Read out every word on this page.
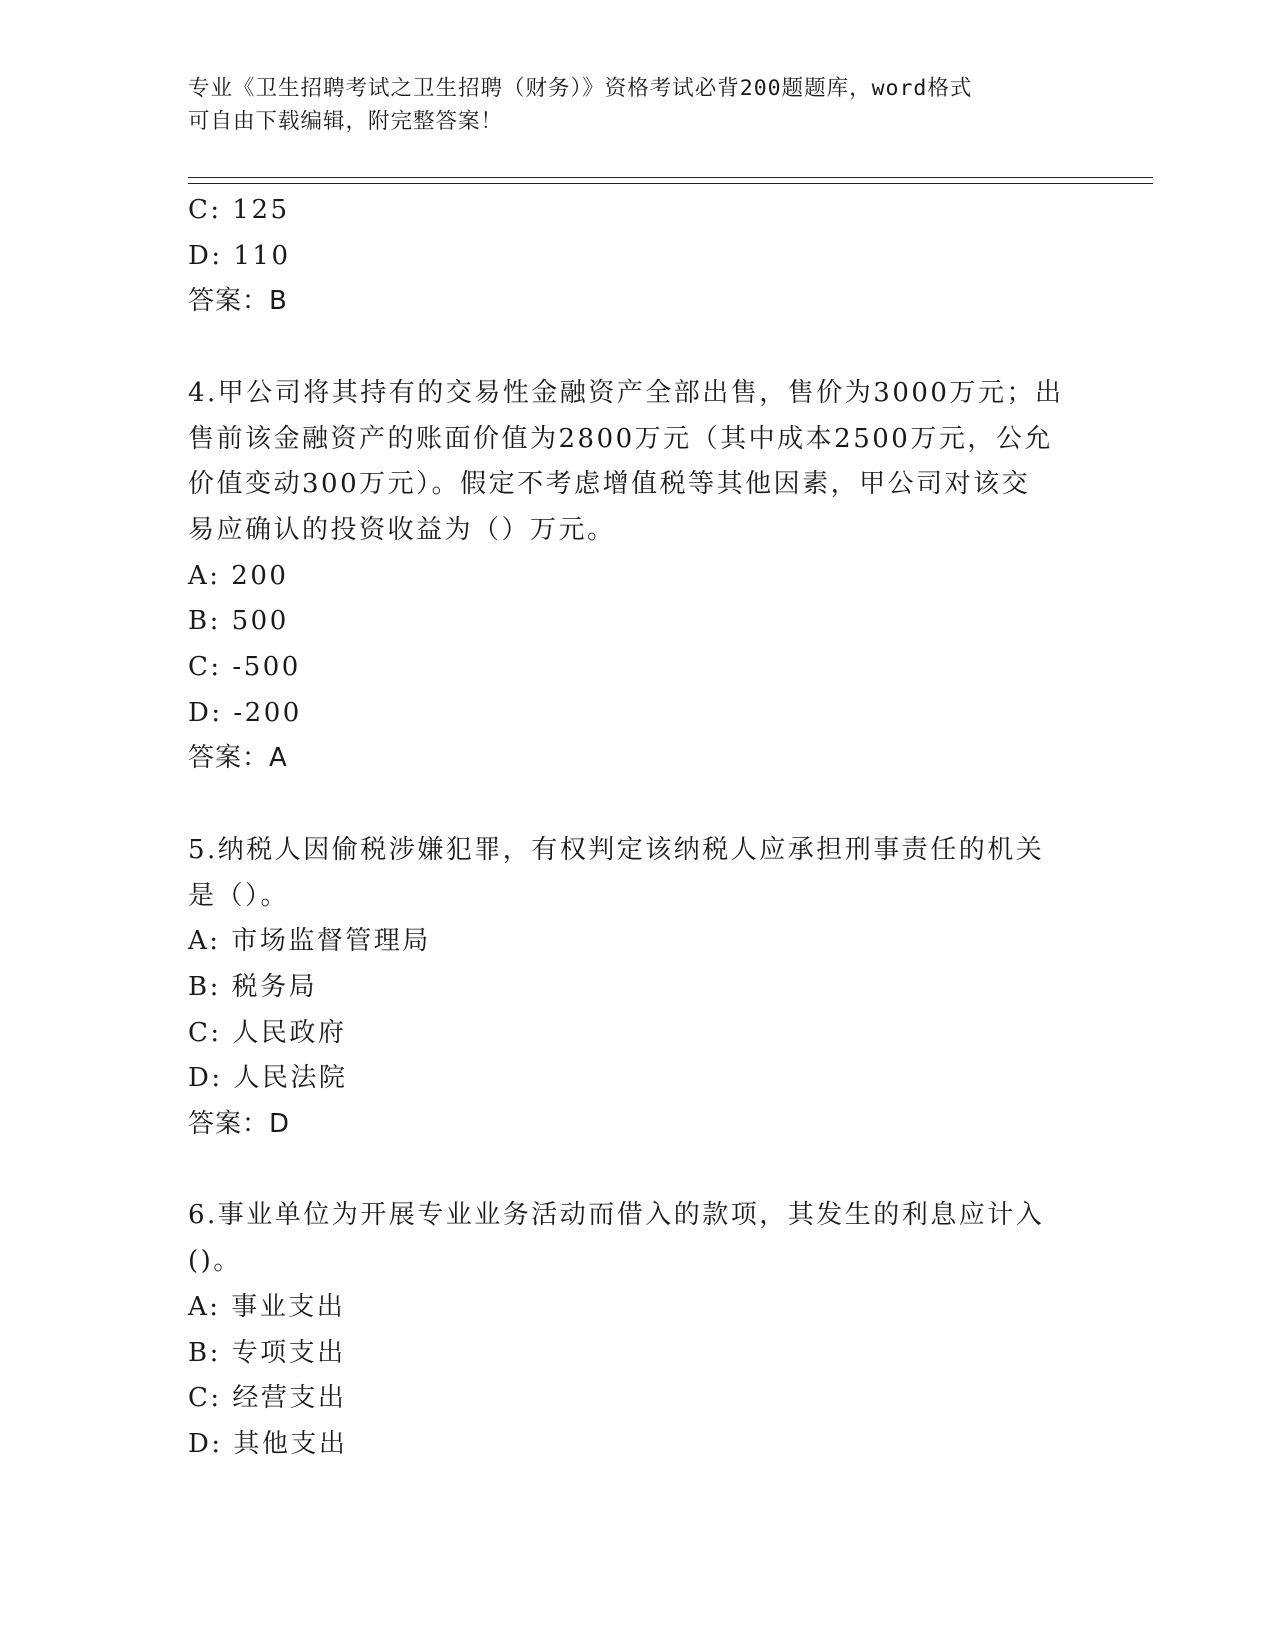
专业《卫生招聘考试之卫生招聘（财务）》资格考试必背200题题库，word格式
可自由下载编辑，附完整答案！
C: 125
D: 110
答案：B
4.甲公司将其持有的交易性金融资产全部出售，售价为3000万元；出
售前该金融资产的账面价值为2800万元（其中成本2500万元，公允
价值变动300万元）。假定不考虑增值税等其他因素，甲公司对该交
易应确认的投资收益为（）万元。
A: 200
B: 500
C: -500
D: -200
答案：A
5.纳税人因偷税涉嫌犯罪，有权判定该纳税人应承担刑事责任的机关
是（）。
A: 市场监督管理局
B: 税务局
C: 人民政府
D: 人民法院
答案：D
6.事业单位为开展专业业务活动而借入的款项，其发生的利息应计入
()。
A: 事业支出
B: 专项支出
C: 经营支出
D: 其他支出
